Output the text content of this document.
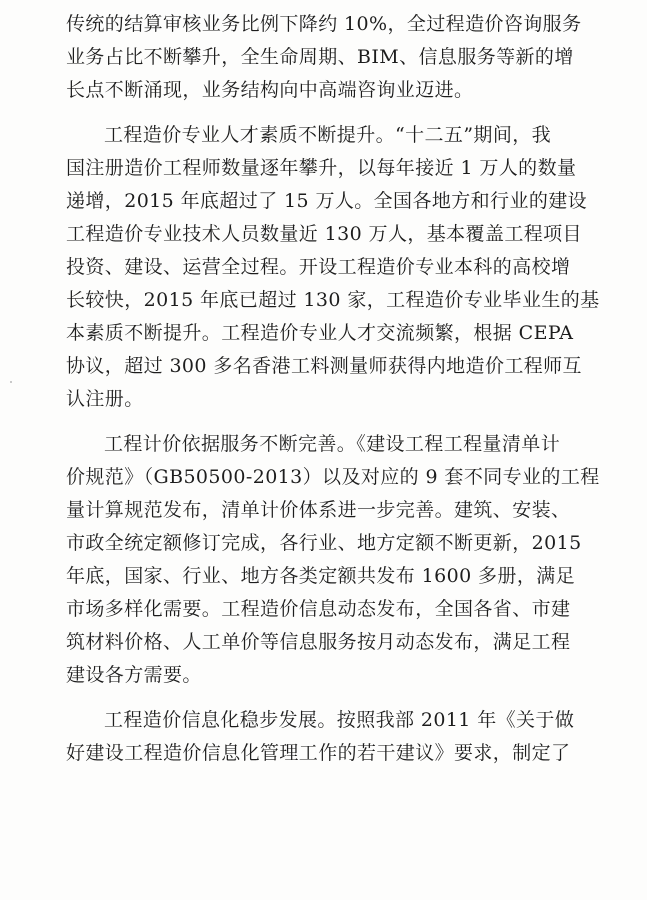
传统的结算审核业务比例下降约 10%，全过程造价咨询服务
业务占比不断攀升，全生命周期、BIM、信息服务等新的增
长点不断涌现，业务结构向中高端咨询业迈进。
工程造价专业人才素质不断提升。“十二五”期间，我
国注册造价工程师数量逐年攀升，以每年接近 1 万人的数量
递增，2015 年底超过了 15 万人。全国各地方和行业的建设
工程造价专业技术人员数量近 130 万人，基本覆盖工程项目
投资、建设、运营全过程。开设工程造价专业本科的高校增
长较快，2015 年底已超过 130 家，工程造价专业毕业生的基
本素质不断提升。工程造价专业人才交流频繁，根据 CEPA
协议，超过 300 多名香港工料测量师获得内地造价工程师互
认注册。
工程计价依据服务不断完善。《建设工程工程量清单计
价规范》（GB50500-2013）以及对应的 9 套不同专业的工程
量计算规范发布，清单计价体系进一步完善。建筑、安装、
市政全统定额修订完成，各行业、地方定额不断更新，2015
年底，国家、行业、地方各类定额共发布 1600 多册，满足
市场多样化需要。工程造价信息动态发布，全国各省、市建
筑材料价格、人工单价等信息服务按月动态发布，满足工程
建设各方需要。
工程造价信息化稳步发展。按照我部 2011 年《关于做
好建设工程造价信息化管理工作的若干建议》要求，制定了
